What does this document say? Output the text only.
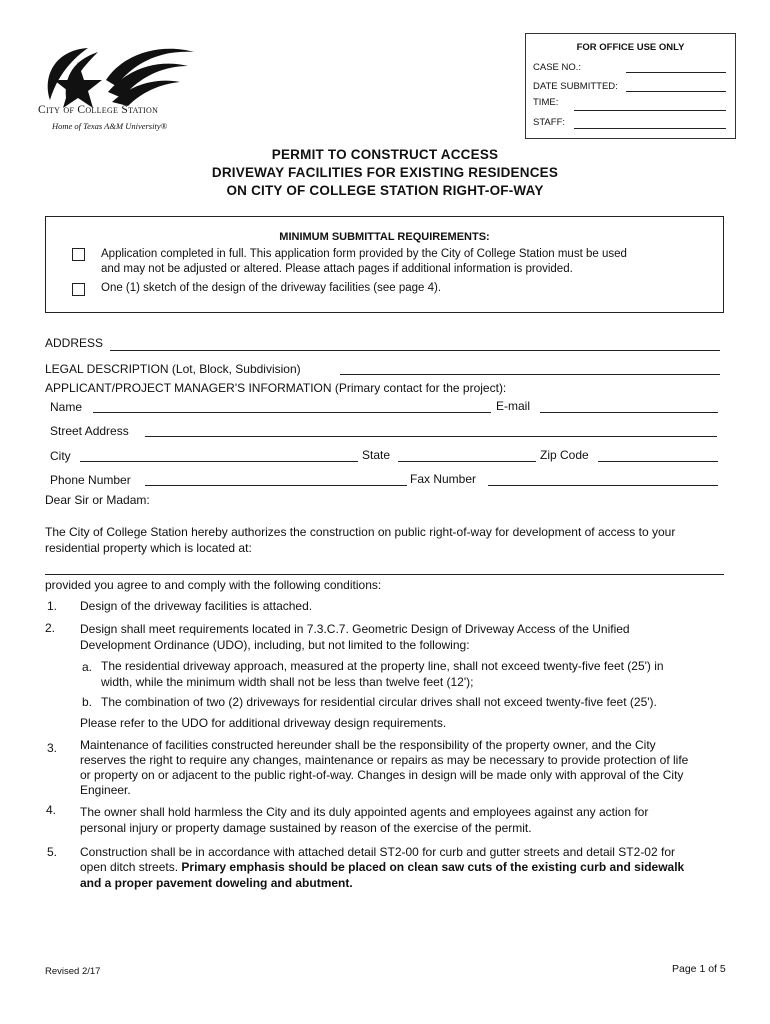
City of College Station
Home of Texas A&M University®
FOR OFFICE USE ONLY
CASE NO.:
DATE SUBMITTED:
TIME:
STAFF:
PERMIT TO CONSTRUCT ACCESS
DRIVEWAY FACILITIES FOR EXISTING RESIDENCES
ON CITY OF COLLEGE STATION RIGHT-OF-WAY
MINIMUM SUBMITTAL REQUIREMENTS:
Application completed in full. This application form provided by the City of College Station must be used
and may not be adjusted or altered. Please attach pages if additional information is provided.
One (1) sketch of the design of the driveway facilities (see page 4).
ADDRESS
LEGAL DESCRIPTION (Lot, Block, Subdivision)
APPLICANT/PROJECT MANAGER'S INFORMATION (Primary contact for the project):
Name	E-mail
Street Address
City	State	Zip Code
Phone Number	Fax Number
Dear Sir or Madam:
The City of College Station hereby authorizes the construction on public right-of-way for development of access to your
residential property which is located at:
provided you agree to and comply with the following conditions:
1. Design of the driveway facilities is attached.
2. Design shall meet requirements located in 7.3.C.7. Geometric Design of Driveway Access of the Unified
Development Ordinance (UDO), including, but not limited to the following:
a. The residential driveway approach, measured at the property line, shall not exceed twenty-five feet (25') in
width, while the minimum width shall not be less than twelve feet (12');
b. The combination of two (2) driveways for residential circular drives shall not exceed twenty-five feet (25').
Please refer to the UDO for additional driveway design requirements.
3. Maintenance of facilities constructed hereunder shall be the responsibility of the property owner, and the City
reserves the right to require any changes, maintenance or repairs as may be necessary to provide protection of life
or property on or adjacent to the public right-of-way. Changes in design will be made only with approval of the City
Engineer.
4. The owner shall hold harmless the City and its duly appointed agents and employees against any action for
personal injury or property damage sustained by reason of the exercise of the permit.
5. Construction shall be in accordance with attached detail ST2-00 for curb and gutter streets and detail ST2-02 for
open ditch streets. Primary emphasis should be placed on clean saw cuts of the existing curb and sidewalk
and a proper pavement doweling and abutment.
Revised 2/17	Page 1 of 5
